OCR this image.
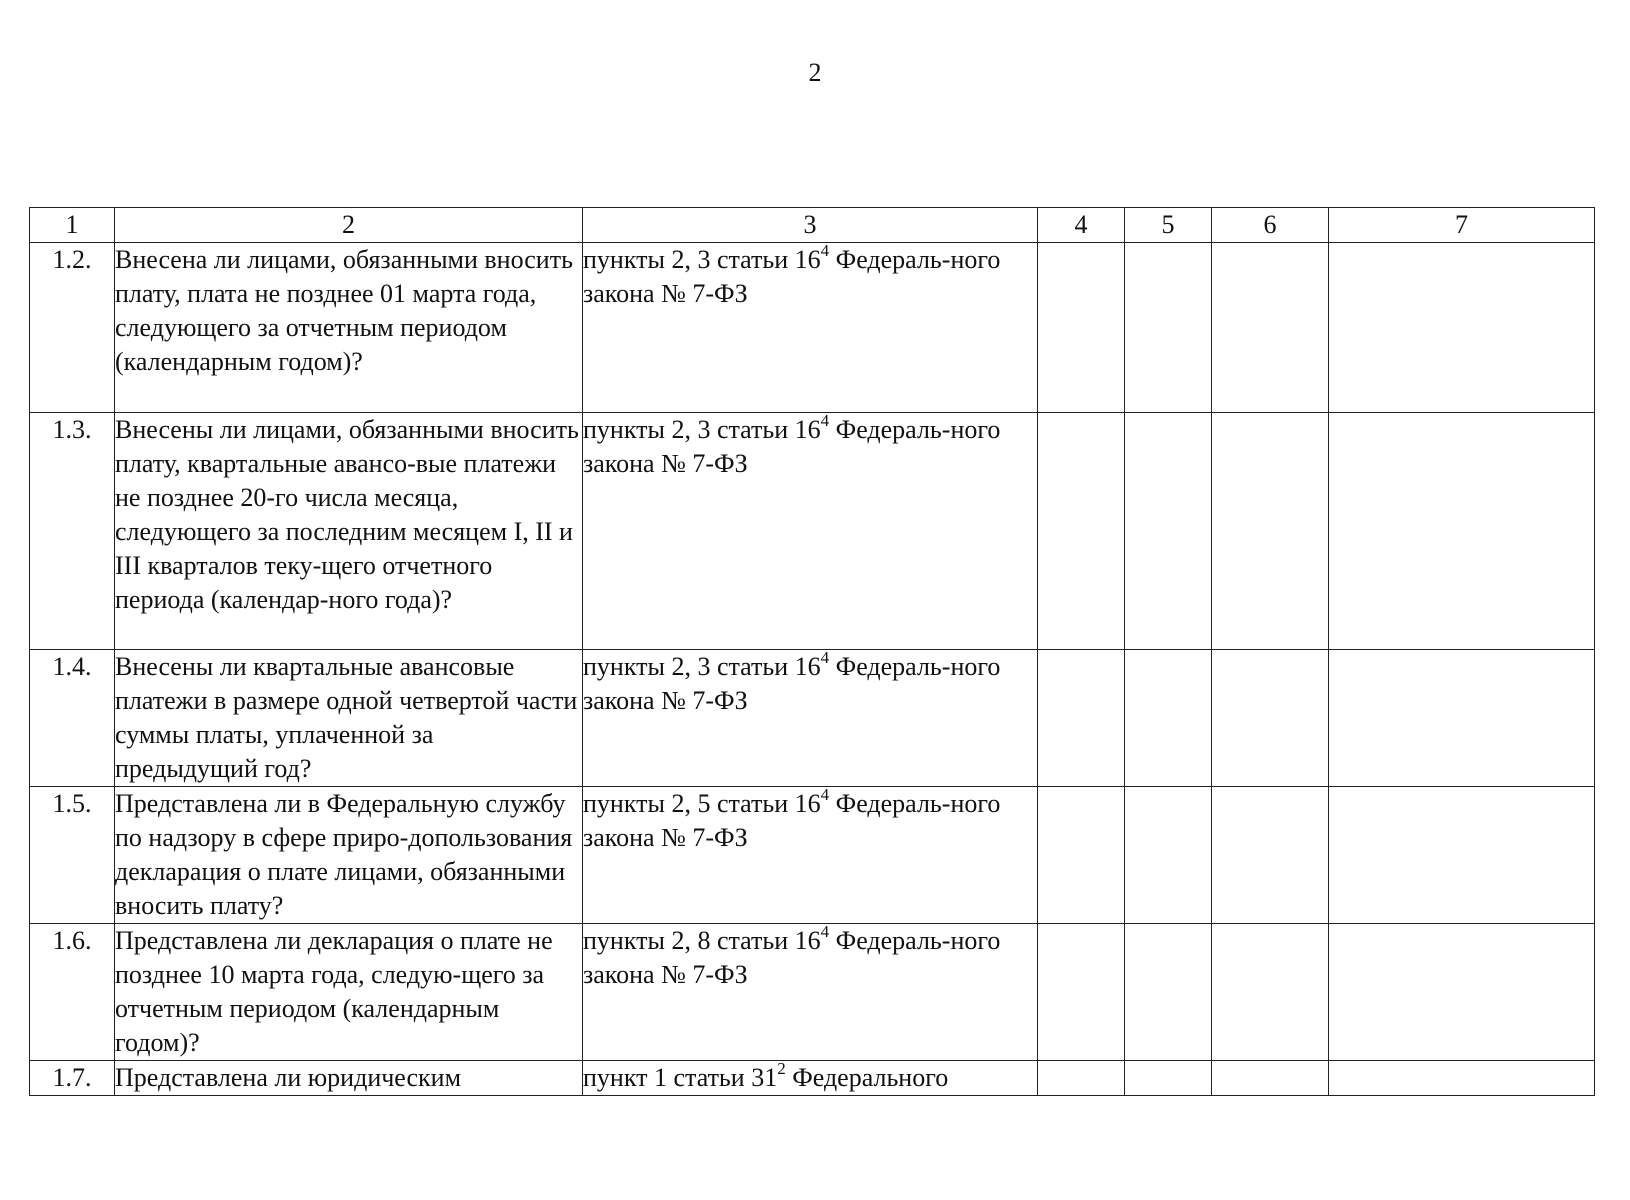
2
1	2	3	4	5	6	7
1.2.	Внесена ли лицами, обязанными вносить плату, плата не позднее 01 марта года, следующего за отчетным периодом (календарным годом)?	пункты 2, 3 статьи $16^4$ Федераль-ного закона № 7-ФЗ				
1.3.	Внесены ли лицами, обязанными вносить плату, квартальные авансо-вые платежи не позднее 20-го числа месяца, следующего за последним месяцем I, II и III кварталов теку-щего отчетного периода (календар-ного года)?	пункты 2, 3 статьи $16^4$ Федераль-ного закона № 7-ФЗ				
1.4.	Внесены ли квартальные авансовые платежи в размере одной четвертой части суммы платы, уплаченной за предыдущий год?	пункты 2, 3 статьи $16^4$ Федераль-ного закона № 7-ФЗ				
1.5.	Представлена ли в Федеральную службу по надзору в сфере приро-допользования декларация о плате лицами, обязанными вносить плату?	пункты 2, 5 статьи $16^4$ Федераль-ного закона № 7-ФЗ				
1.6.	Представлена ли декларация о плате не позднее 10 марта года, следую-щего за отчетным периодом (календарным годом)?	пункты 2, 8 статьи $16^4$ Федераль-ного закона № 7-ФЗ				
1.7.	Представлена ли юридическим	пункт 1 статьи $31^2$ Федерального				
